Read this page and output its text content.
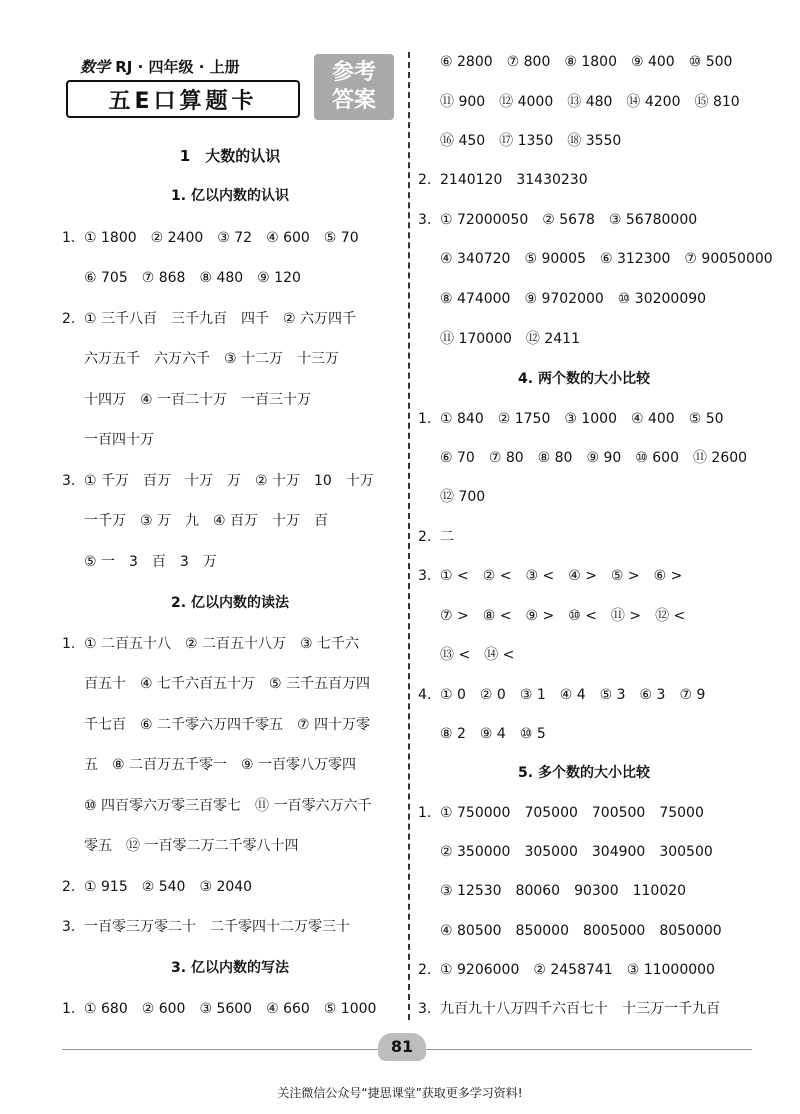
数学 RJ · 四年级 · 上册
五E口算题卡
参考
答案
1　大数的认识
1. 亿以内数的认识
1. ① 1800　② 2400　③ 72　④ 600　⑤ 70
⑥ 705　⑦ 868　⑧ 480　⑨ 120
2. ① 三千八百　三千九百　四千　② 六万四千
六万五千　六万六千　③ 十二万　十三万
十四万　④ 一百二十万　一百三十万
一百四十万
3. ① 千万　百万　十万　万　② 十万　10　十万
一千万　③ 万　九　④ 百万　十万　百
⑤ 一　3　百　3　万
2. 亿以内数的读法
1. ① 二百五十八　② 二百五十八万　③ 七千六
百五十　④ 七千六百五十万　⑤ 三千五百万四
千七百　⑥ 二千零六万四千零五　⑦ 四十万零
五　⑧ 二百万五千零一　⑨ 一百零八万零四
⑩ 四百零六万零三百零七　⑪ 一百零六万六千
零五　⑫ 一百零二万二千零八十四
2. ① 915　② 540　③ 2040
3. 一百零三万零二十　二千零四十二万零三十
3. 亿以内数的写法
1. ① 680　② 600　③ 5600　④ 660　⑤ 1000
⑥ 2800　⑦ 800　⑧ 1800　⑨ 400　⑩ 500
⑪ 900　⑫ 4000　⑬ 480　⑭ 4200　⑮ 810
⑯ 450　⑰ 1350　⑱ 3550
2. 2140120　31430230
3. ① 72000050　② 5678　③ 56780000
④ 340720　⑤ 90005　⑥ 312300　⑦ 90050000
⑧ 474000　⑨ 9702000　⑩ 30200090
⑪ 170000　⑫ 2411
4. 两个数的大小比较
1. ① 840　② 1750　③ 1000　④ 400　⑤ 50
⑥ 70　⑦ 80　⑧ 80　⑨ 90　⑩ 600　⑪ 2600
⑫ 700
2. 二
3. ① <　② <　③ <　④ >　⑤ >　⑥ >
⑦ >　⑧ <　⑨ >　⑩ <　⑪ >　⑫ <
⑬ <　⑭ <
4. ① 0　② 0　③ 1　④ 4　⑤ 3　⑥ 3　⑦ 9
⑧ 2　⑨ 4　⑩ 5
5. 多个数的大小比较
1. ① 750000　705000　700500　75000
② 350000　305000　304900　300500
③ 12530　80060　90300　110020
④ 80500　850000　8005000　8050000
2. ① 9206000　② 2458741　③ 11000000
3. 九百九十八万四千六百七十　十三万一千九百
81
关注微信公众号“捷思课堂”获取更多学习资料!
